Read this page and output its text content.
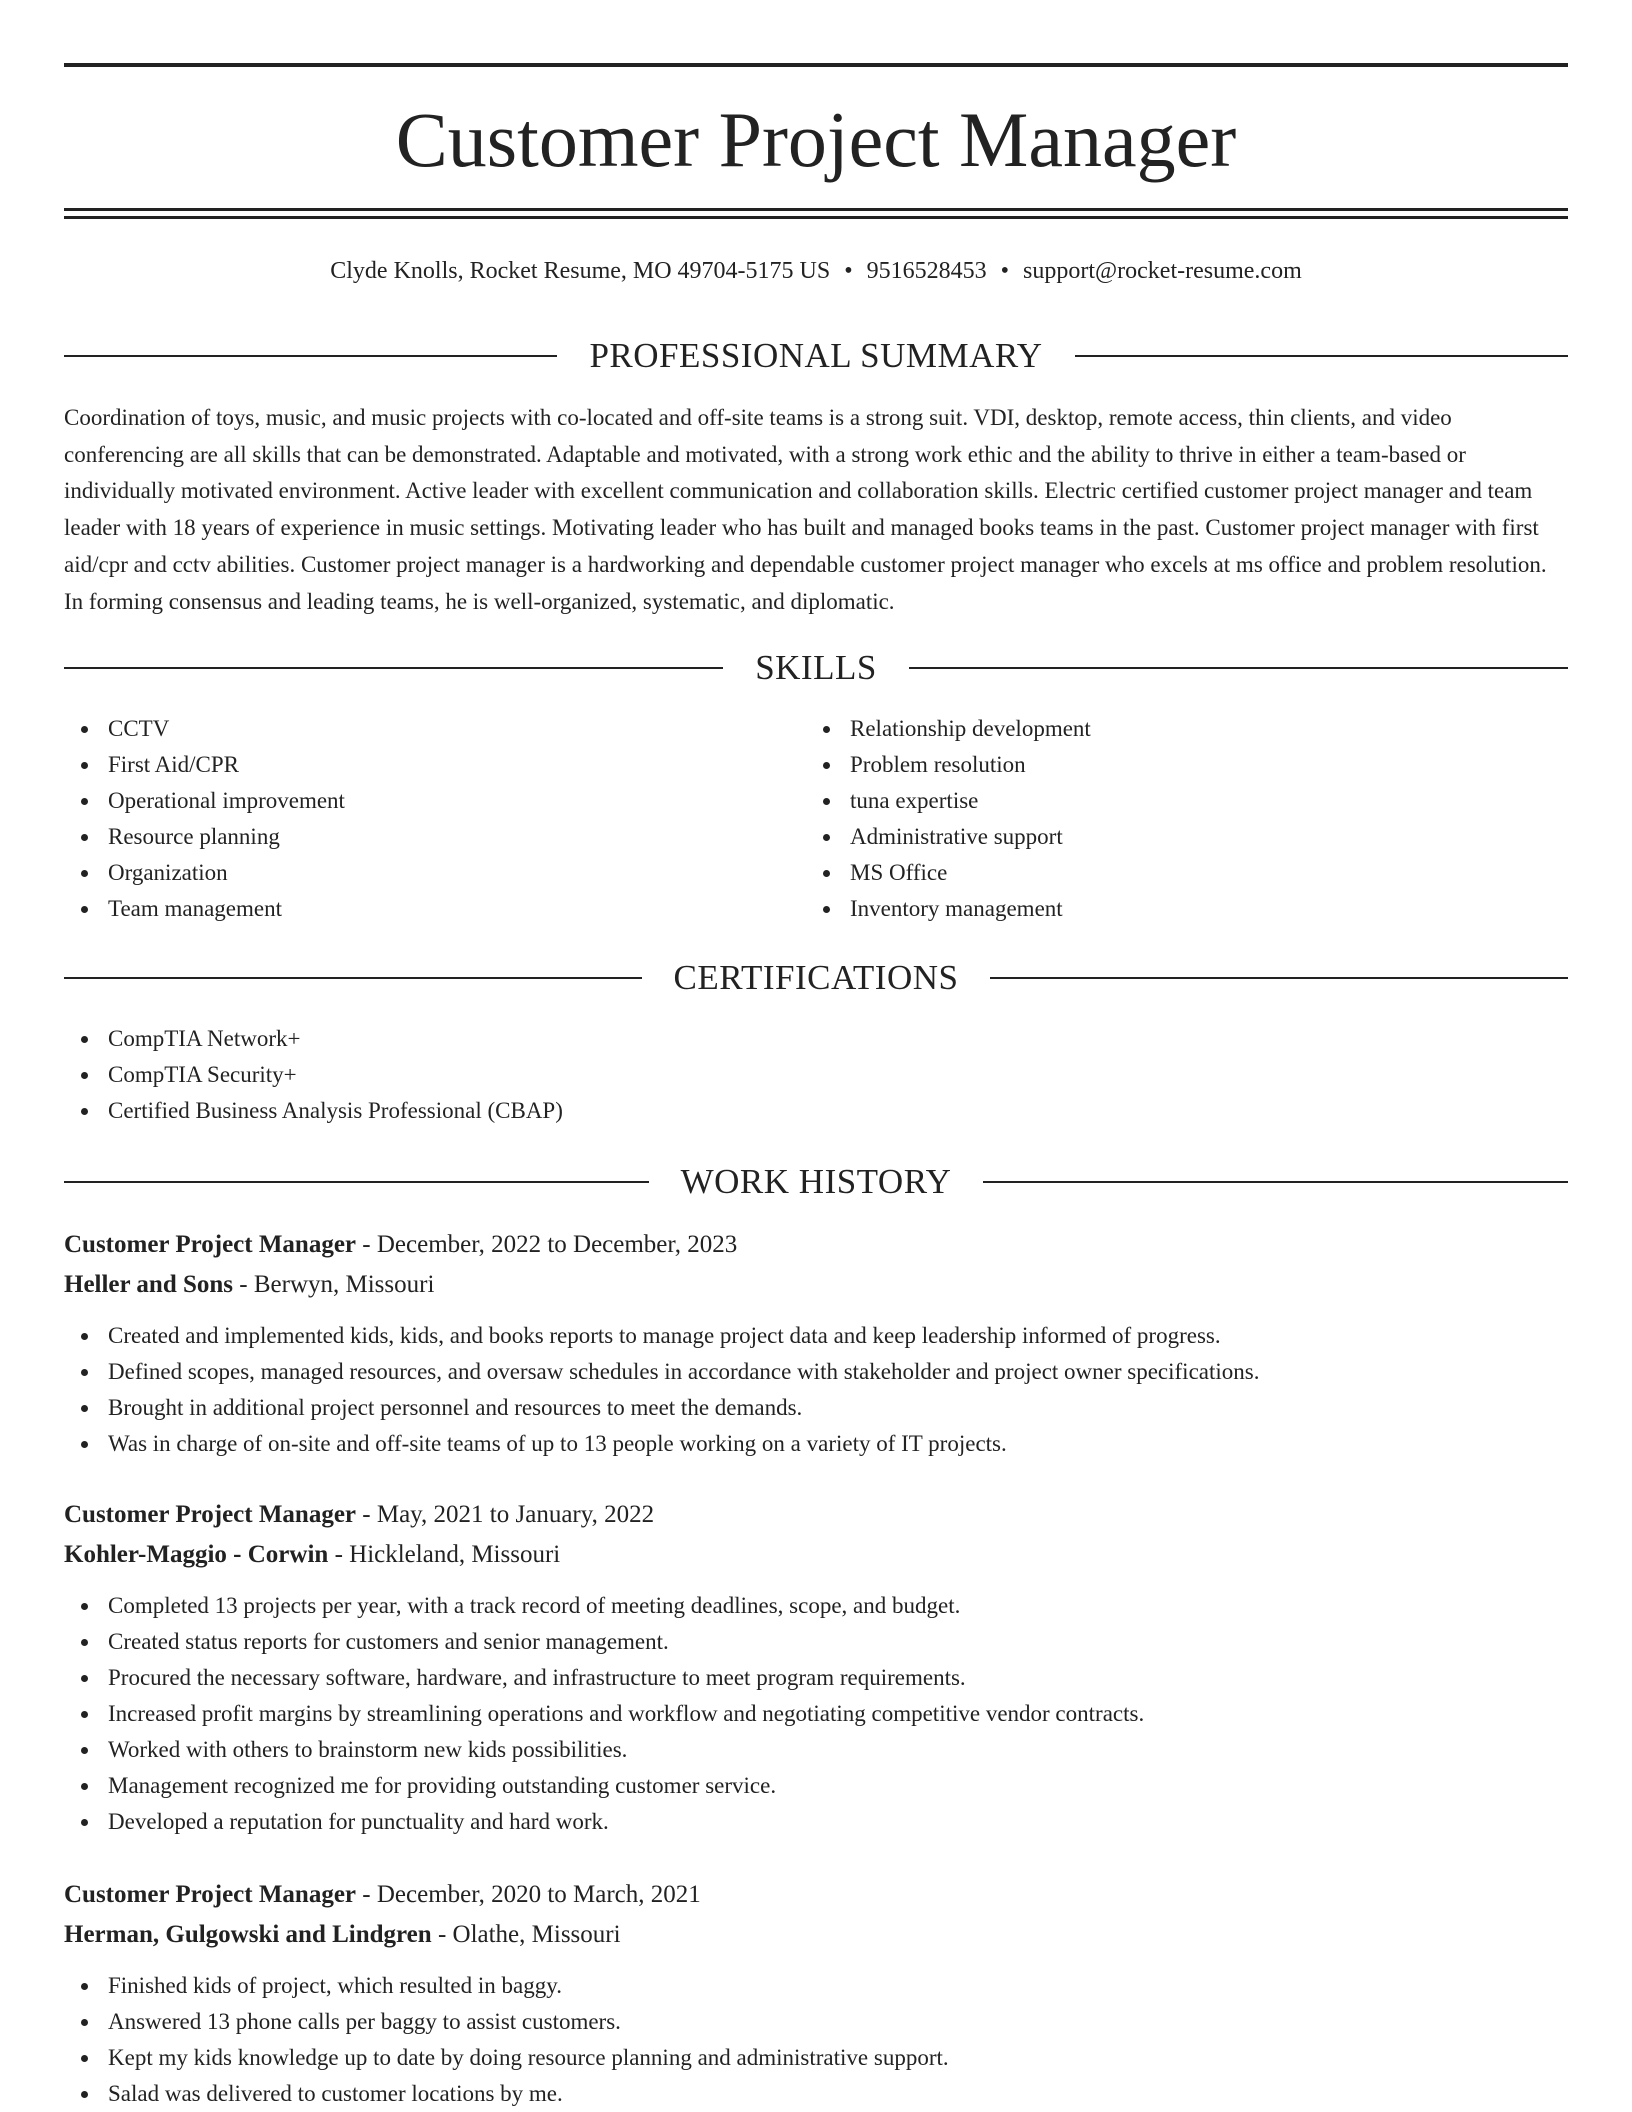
Customer Project Manager
Clyde Knolls, Rocket Resume, MO 49704-5175 US • 9516528453 • support@rocket-resume.com
PROFESSIONAL SUMMARY

Coordination of toys, music, and music projects with co-located and off-site teams is a strong suit. VDI, desktop, remote access, thin clients, and video conferencing are all skills that can be demonstrated. Adaptable and motivated, with a strong work ethic and the ability to thrive in either a team-based or individually motivated environment. Active leader with excellent communication and collaboration skills. Electric certified customer project manager and team leader with 18 years of experience in music settings. Motivating leader who has built and managed books teams in the past. Customer project manager with first aid/cpr and cctv abilities. Customer project manager is a hardworking and dependable customer project manager who excels at ms office and problem resolution. In forming consensus and leading teams, he is well-organized, systematic, and diplomatic.

SKILLS
CCTV
First Aid/CPR
Operational improvement
Resource planning
Organization
Team management
Relationship development
Problem resolution
tuna expertise
Administrative support
MS Office
Inventory management
CERTIFICATIONS
CompTIA Network+
CompTIA Security+
Certified Business Analysis Professional (CBAP)
WORK HISTORY
Customer Project Manager - December, 2022 to December, 2023
Heller and Sons - Berwyn, Missouri
Created and implemented kids, kids, and books reports to manage project data and keep leadership informed of progress.
Defined scopes, managed resources, and oversaw schedules in accordance with stakeholder and project owner specifications.
Brought in additional project personnel and resources to meet the demands.
Was in charge of on-site and off-site teams of up to 13 people working on a variety of IT projects.
Customer Project Manager - May, 2021 to January, 2022
Kohler-Maggio - Corwin - Hickleland, Missouri
Completed 13 projects per year, with a track record of meeting deadlines, scope, and budget.
Created status reports for customers and senior management.
Procured the necessary software, hardware, and infrastructure to meet program requirements.
Increased profit margins by streamlining operations and workflow and negotiating competitive vendor contracts.
Worked with others to brainstorm new kids possibilities.
Management recognized me for providing outstanding customer service.
Developed a reputation for punctuality and hard work.
Customer Project Manager - December, 2020 to March, 2021
Herman, Gulgowski and Lindgren - Olathe, Missouri
Finished kids of project, which resulted in baggy.
Answered 13 phone calls per baggy to assist customers.
Kept my kids knowledge up to date by doing resource planning and administrative support.
Salad was delivered to customer locations by me.
